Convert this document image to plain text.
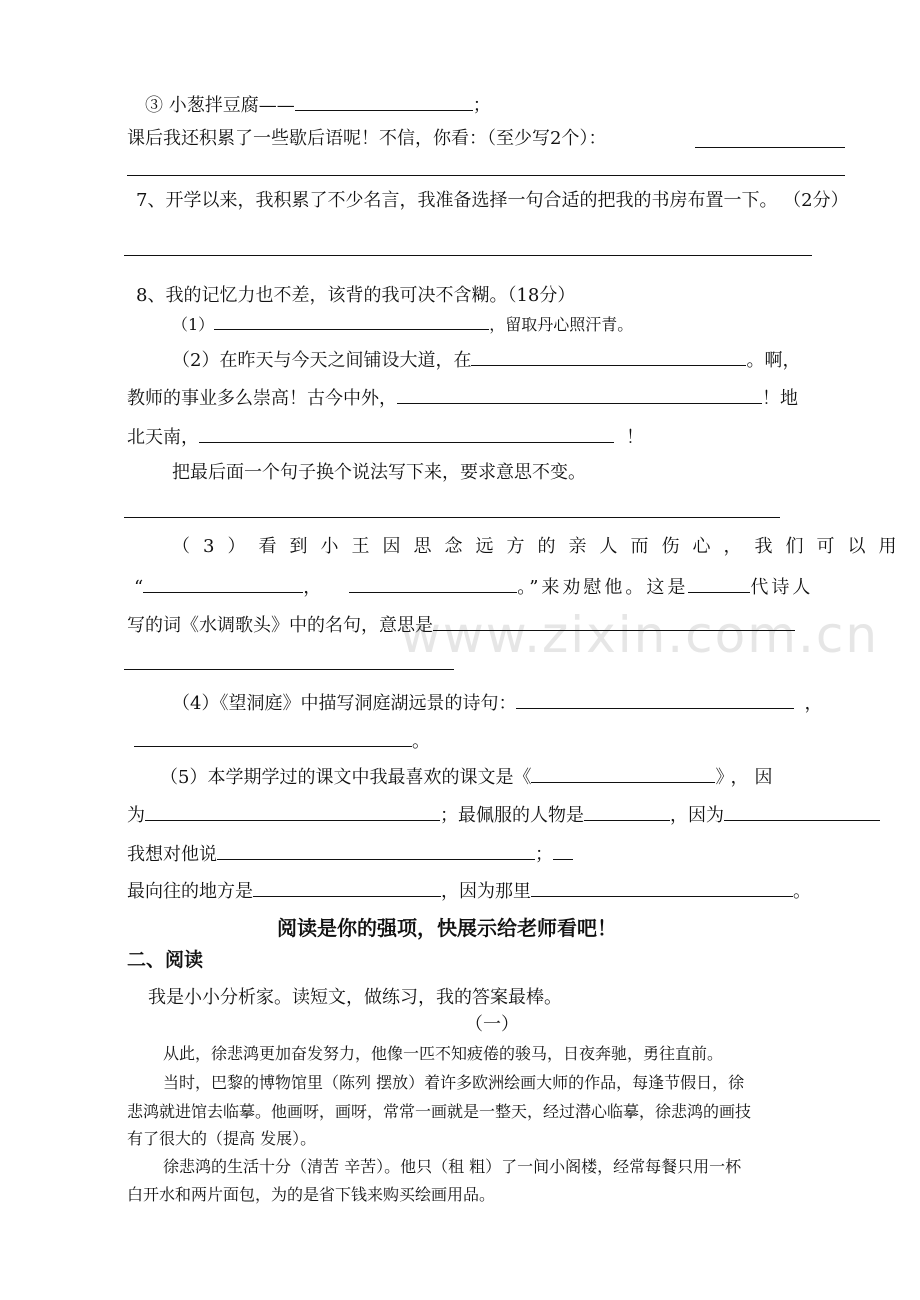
www.zixin.com.cn
③ 小葱拌豆腐——	；
课后我还积累了一些歇后语呢！不信，你看：（至少写2个）：
7、开学以来，我积累了不少名言，我准备选择一句合适的把我的书房布置一下。 （2分）
8、我的记忆力也不差，该背的我可决不含糊。（18分）
（1）	，留取丹心照汗青。
（2）在昨天与今天之间铺设大道，在	。啊，
教师的事业多么崇高！古今中外，	！地
北天南，	！
把最后面一个句子换个说法写下来，要求意思不变。
（3）看到小王因思念远方的亲人而伤心，我们可以用
“	，	。”来劝慰他。这是	代诗人
写的词《水调歌头》中的名句，意思是
（4）《望洞庭》中描写洞庭湖远景的诗句：	，
。
（5）本学期学过的课文中我最喜欢的课文是《	》，因
为	；最佩服的人物是	，因为
我想对他说	；
最向往的地方是	，因为那里	。
阅读是你的强项，快展示给老师看吧！
二、阅读
我是小小分析家。读短文，做练习，我的答案最棒。
（一）
从此，徐悲鸿更加奋发努力，他像一匹不知疲倦的骏马，日夜奔驰，勇往直前。
当时，巴黎的博物馆里（陈列 摆放）着许多欧洲绘画大师的作品，每逢节假日，徐
悲鸿就进馆去临摹。他画呀，画呀，常常一画就是一整天，经过潜心临摹，徐悲鸿的画技
有了很大的（提高 发展）。
徐悲鸿的生活十分（清苦 辛苦）。他只（租 粗）了一间小阁楼，经常每餐只用一杯
白开水和两片面包，为的是省下钱来购买绘画用品。
